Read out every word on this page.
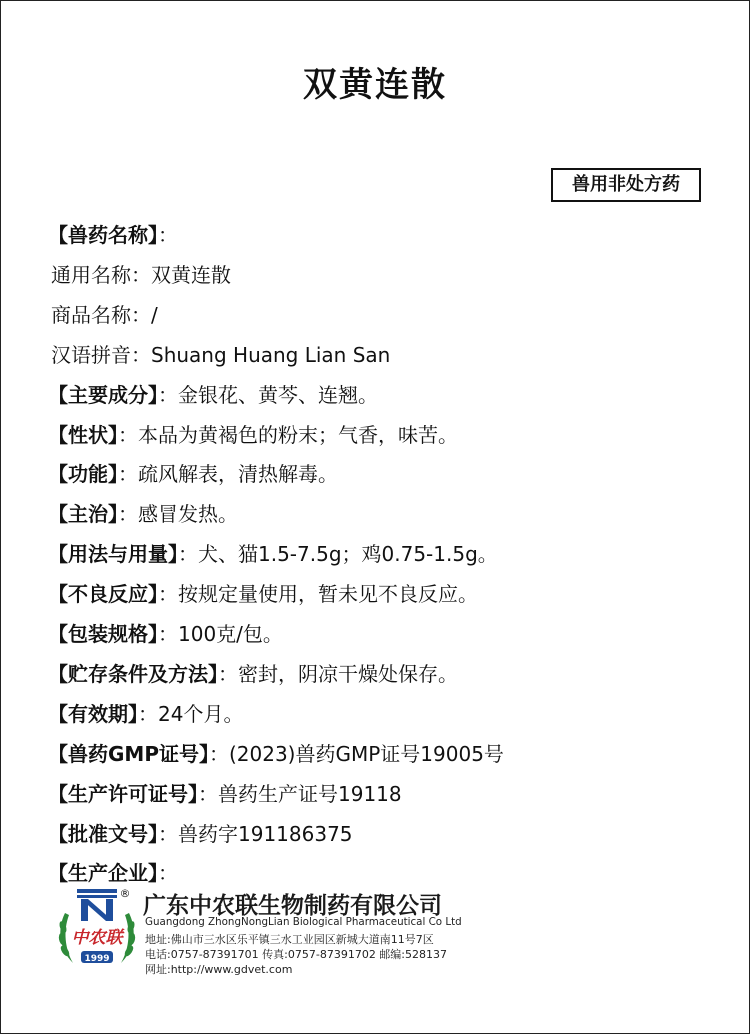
双黄连散
兽用非处方药
【兽药名称】：
通用名称：双黄连散
商品名称：/
汉语拼音：Shuang Huang Lian San
【主要成分】：金银花、黄芩、连翘。
【性状】：本品为黄褐色的粉末；气香，味苦。
【功能】：疏风解表，清热解毒。
【主治】：感冒发热。
【用法与用量】：犬、猫1.5-7.5g；鸡0.75-1.5g。
【不良反应】：按规定量使用，暂未见不良反应。
【包装规格】：100克/包。
【贮存条件及方法】：密封，阴凉干燥处保存。
【有效期】：24个月。
【兽药GMP证号】：(2023)兽药GMP证号19005号
【生产许可证号】：兽药生产证号19118
【批准文号】：兽药字191186375
【生产企业】：
中农联
1999
® 广东中农联生物制药有限公司
Guangdong ZhongNongLian Biological Pharmaceutical Co Ltd
地址:佛山市三水区乐平镇三水工业园区新城大道南11号7区
电话:0757-87391701 传真:0757-87391702 邮编:528137
网址:http://www.gdvet.com
